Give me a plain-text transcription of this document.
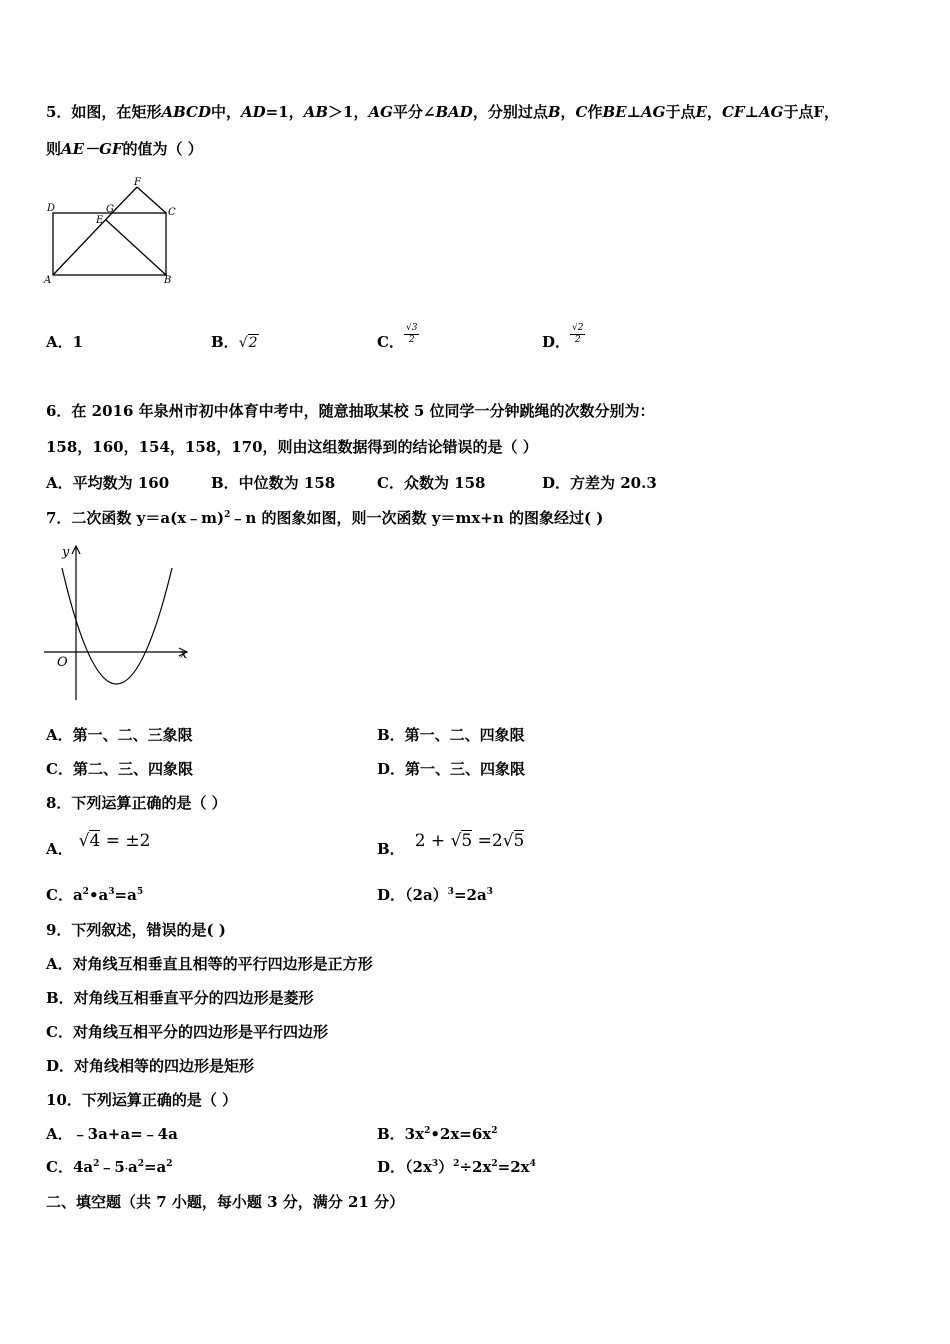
5．如图，在矩形ABCD中，AD=1，AB＞1，AG平分∠BAD，分别过点B，C作BE⊥AG于点E，CF⊥AG于点F，
则AE－GF的值为（ ）
D	G
E
F
C
A	B
A．1	B．√2	C． $\frac{√3}{2}$	D． $\frac{√2}{2}$
6．在 2016 年泉州市初中体育中考中，随意抽取某校 5 位同学一分钟跳绳的次数分别为：
158，160，154，158，170，则由这组数据得到的结论错误的是（ ）
A．平均数为 160	B．中位数为 158	C．众数为 158	D．方差为 20.3
7．二次函数 y＝a(x﹣m)$^2$﹣n 的图象如图，则一次函数 y＝mx+n 的图象经过( )
y
x
O
A．第一、二、三象限	B．第一、二、四象限
C．第二、三、四象限	D．第一、三、四象限
8．下列运算正确的是（ ）
A． √4 = ±2	B． 2 + √5 =2√5
C．$a^2•a^3=a^5$	D．$(2a)^3=2a^3$
9．下列叙述，错误的是( )
A．对角线互相垂直且相等的平行四边形是正方形
B．对角线互相垂直平分的四边形是菱形
C．对角线互相平分的四边形是平行四边形
D．对角线相等的四边形是矩形
10．下列运算正确的是（ ）
A．﹣3a+a=﹣4a	B．$3x^2•2x=6x^2$
C．$4a^2﹣5\cdot a^2=a^2$	D．$(2x^3)^2\div 2x^2=2x^4$
二、填空题（共 7 小题，每小题 3 分，满分 21 分）
